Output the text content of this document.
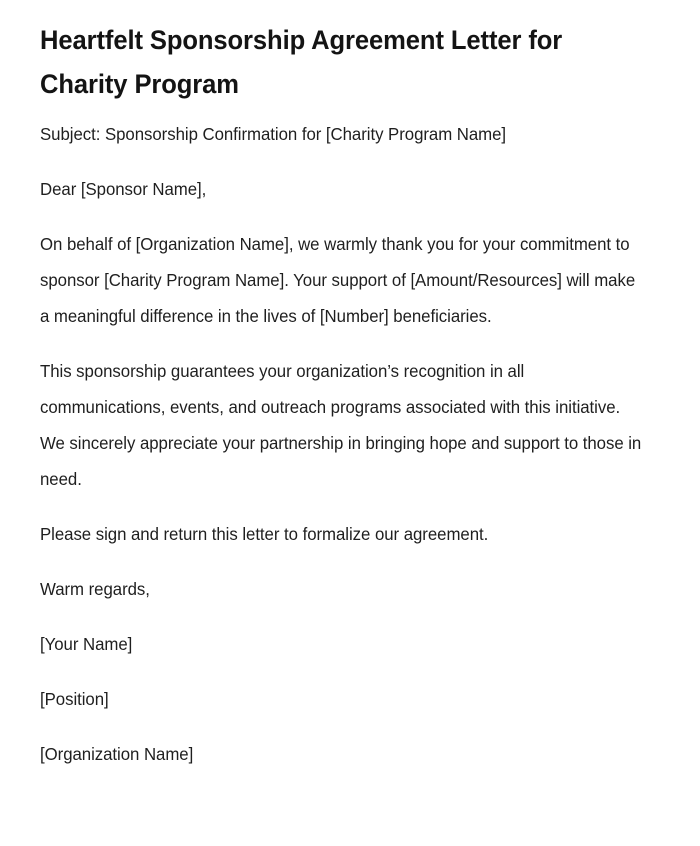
Heartfelt Sponsorship Agreement Letter for Charity Program

Subject: Sponsorship Confirmation for [Charity Program Name]

Dear [Sponsor Name],

On behalf of [Organization Name], we warmly thank you for your commitment to sponsor [Charity Program Name]. Your support of [Amount/Resources] will make a meaningful difference in the lives of [Number] beneficiaries.

This sponsorship guarantees your organization’s recognition in all communications, events, and outreach programs associated with this initiative. We sincerely appreciate your partnership in bringing hope and support to those in need.

Please sign and return this letter to formalize our agreement.

Warm regards,

[Your Name]

[Position]

[Organization Name]
